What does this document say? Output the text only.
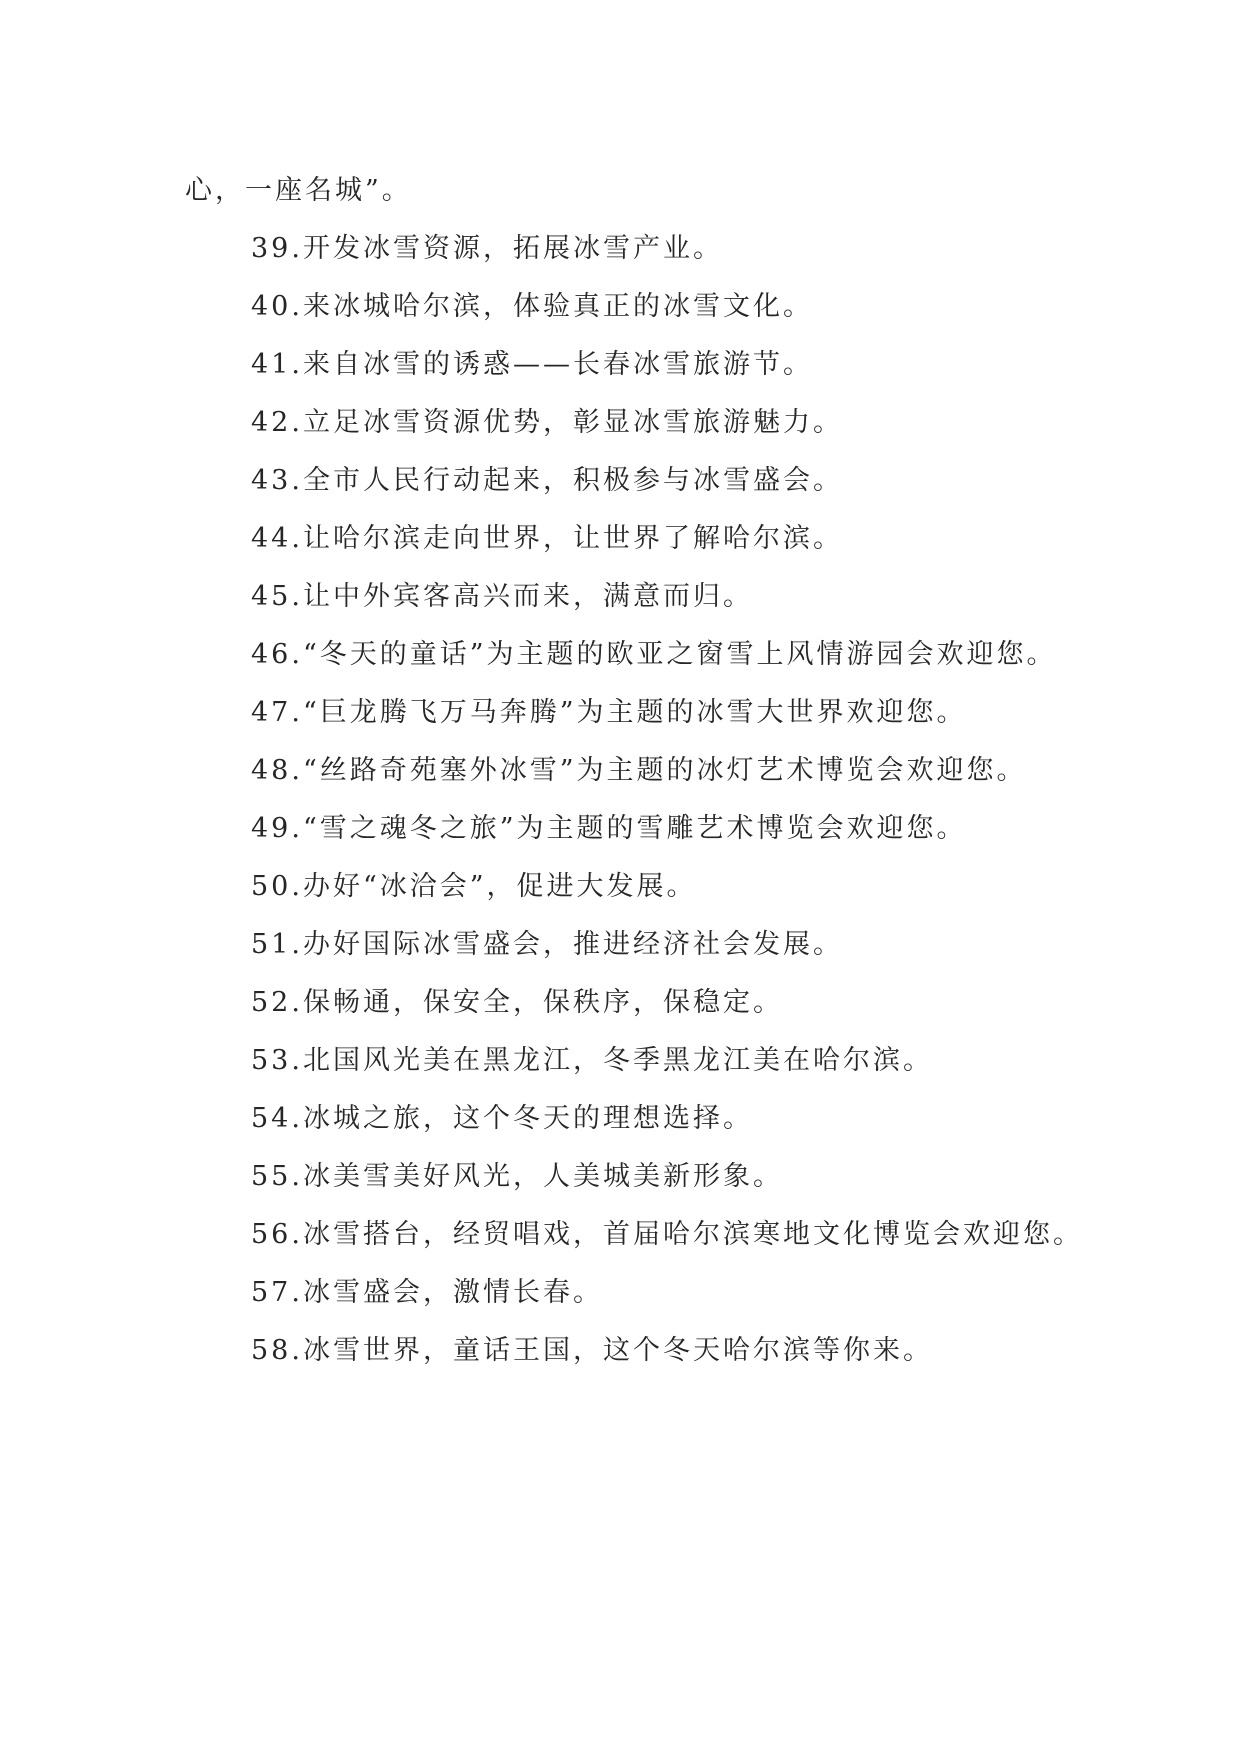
心，一座名城”。

39.开发冰雪资源，拓展冰雪产业。

40.来冰城哈尔滨，体验真正的冰雪文化。

41.来自冰雪的诱惑——长春冰雪旅游节。

42.立足冰雪资源优势，彰显冰雪旅游魅力。

43.全市人民行动起来，积极参与冰雪盛会。

44.让哈尔滨走向世界，让世界了解哈尔滨。

45.让中外宾客高兴而来，满意而归。

46.“冬天的童话”为主题的欧亚之窗雪上风情游园会欢迎您。

47.“巨龙腾飞万马奔腾”为主题的冰雪大世界欢迎您。

48.“丝路奇苑塞外冰雪”为主题的冰灯艺术博览会欢迎您。

49.“雪之魂冬之旅”为主题的雪雕艺术博览会欢迎您。

50.办好“冰洽会”，促进大发展。

51.办好国际冰雪盛会，推进经济社会发展。

52.保畅通，保安全，保秩序，保稳定。

53.北国风光美在黑龙江，冬季黑龙江美在哈尔滨。

54.冰城之旅，这个冬天的理想选择。

55.冰美雪美好风光，人美城美新形象。

56.冰雪搭台，经贸唱戏，首届哈尔滨寒地文化博览会欢迎您。

57.冰雪盛会，激情长春。

58.冰雪世界，童话王国，这个冬天哈尔滨等你来。
